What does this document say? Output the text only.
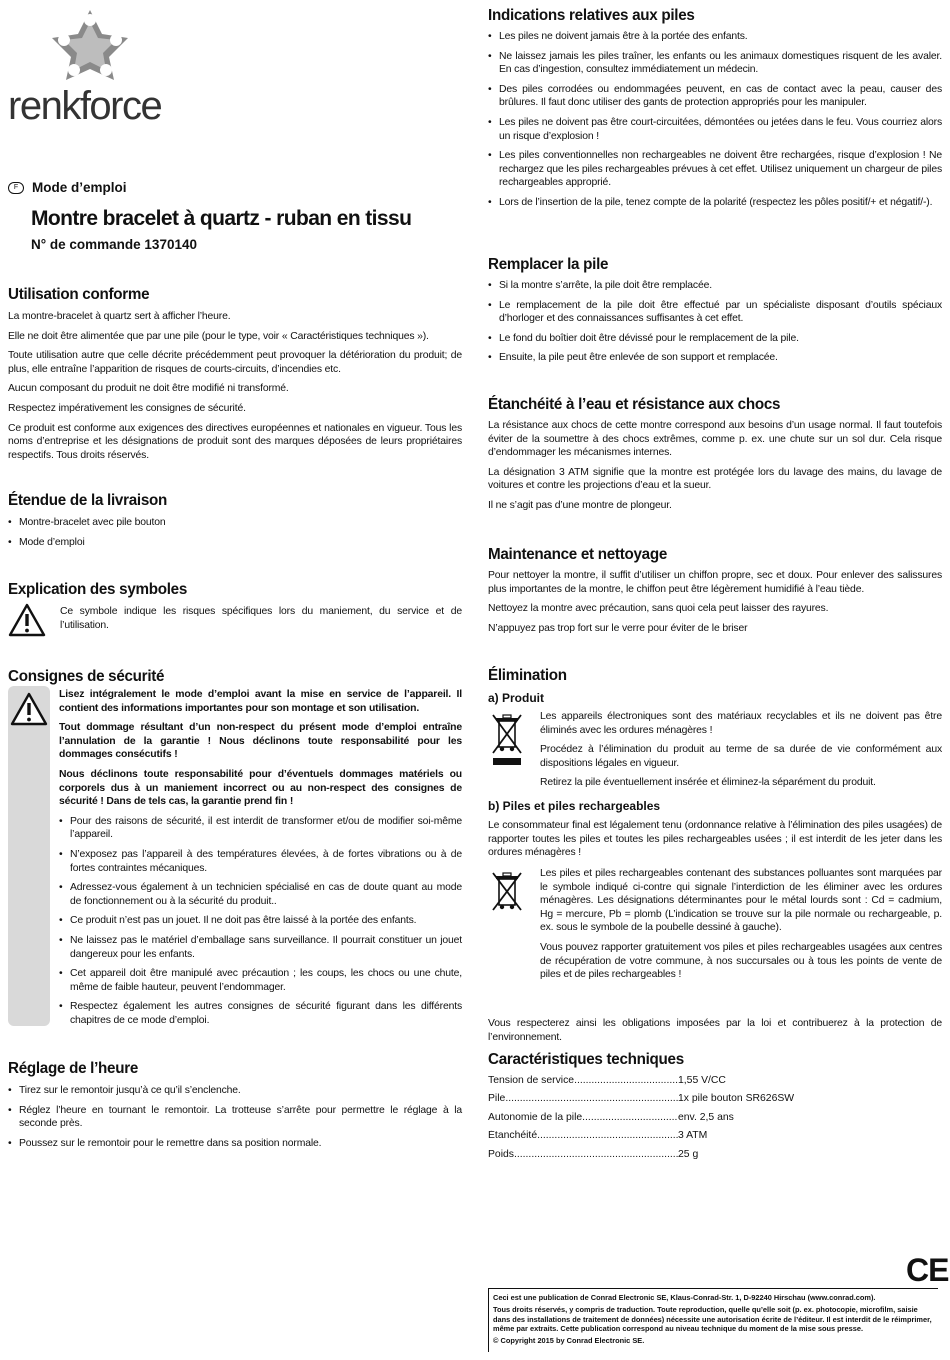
renkforce
F	Mode d’emploi
Montre bracelet à quartz - ruban en tissu
N° de commande 1370140
Utilisation conforme

La montre-bracelet à quartz sert à afficher l’heure.

Elle ne doit être alimentée que par une pile (pour le type, voir « Caractéristiques techniques »).

Toute utilisation autre que celle décrite précédemment peut provoquer la détérioration du produit; de plus, elle entraîne l’apparition de risques de courts-circuits, d’incendies etc.

Aucun composant du produit ne doit être modifié ni transformé.

Respectez impérativement les consignes de sécurité.

Ce produit est conforme aux exigences des directives européennes et nationales en vigueur. Tous les noms d’entreprise et les désignations de produit sont des marques déposées de leurs propriétaires respectifs. Tous droits réservés.

Étendue de la livraison
• Montre-bracelet avec pile bouton
• Mode d’emploi
Explication des symboles

Ce symbole indique les risques spécifiques lors du maniement, du service et de l’utilisation.

Consignes de sécurité

Lisez intégralement le mode d’emploi avant la mise en service de l’appareil. Il contient des informations importantes pour son montage et son utilisation.

Tout dommage résultant d’un non-respect du présent mode d’emploi entraîne l’annulation de la garantie ! Nous déclinons toute responsabilité pour les dommages consécutifs !

Nous déclinons toute responsabilité pour d’éventuels dommages matériels ou corporels dus à un maniement incorrect ou au non-respect des consignes de sécurité ! Dans de tels cas, la garantie prend fin !

• Pour des raisons de sécurité, il est interdit de transformer et/ou de modifier soi-même l’appareil.
• N’exposez pas l’appareil à des températures élevées, à de fortes vibrations ou à de fortes contraintes mécaniques.
• Adressez-vous également à un technicien spécialisé en cas de doute quant au mode de fonctionnement ou à la sécurité du produit..
• Ce produit n’est pas un jouet. Il ne doit pas être laissé à la portée des enfants.
• Ne laissez pas le matériel d’emballage sans surveillance. Il pourrait constituer un jouet dangereux pour les enfants.
• Cet appareil doit être manipulé avec précaution ; les coups, les chocs ou une chute, même de faible hauteur, peuvent l’endommager.
• Respectez également les autres consignes de sécurité figurant dans les différents chapitres de ce mode d’emploi.
Réglage de l’heure
• Tirez sur le remontoir jusqu’à ce qu’il s’enclenche.
• Réglez l’heure en tournant le remontoir. La trotteuse s’arrête pour permettre le réglage à la seconde près.
• Poussez sur le remontoir pour le remettre dans sa position normale.
Indications relatives aux piles
• Les piles ne doivent jamais être à la portée des enfants.
• Ne laissez jamais les piles traîner, les enfants ou les animaux domestiques risquent de les avaler. En cas d’ingestion, consultez immédiatement un médecin.
• Des piles corrodées ou endommagées peuvent, en cas de contact avec la peau, causer des brûlures. Il faut donc utiliser des gants de protection appropriés pour les manipuler.
• Les piles ne doivent pas être court-circuitées, démontées ou jetées dans le feu. Vous courriez alors un risque d’explosion !
• Les piles conventionnelles non rechargeables ne doivent être rechargées, risque d’explosion ! Ne rechargez que les piles rechargeables prévues à cet effet. Utilisez uniquement un chargeur de piles rechargeables approprié.
• Lors de l’insertion de la pile, tenez compte de la polarité (respectez les pôles positif/+ et négatif/-).
Remplacer la pile
• Si la montre s’arrête, la pile doit être remplacée.
• Le remplacement de la pile doit être effectué par un spécialiste disposant d’outils spéciaux d’horloger et des connaissances suffisantes à cet effet.
• Le fond du boîtier doit être dévissé pour le remplacement de la pile.
• Ensuite, la pile peut être enlevée de son support et remplacée.
Étanchéité à l’eau et résistance aux chocs

La résistance aux chocs de cette montre correspond aux besoins d’un usage normal. Il faut toutefois éviter de la soumettre à des chocs extrêmes, comme p. ex. une chute sur un sol dur. Cela risque d’endommager les mécanismes internes.

La désignation 3 ATM signifie que la montre est protégée lors du lavage des mains, du lavage de voitures et contre les projections d’eau et la sueur.

Il ne s’agit pas d’une montre de plongeur.

Maintenance et nettoyage

Pour nettoyer la montre, il suffit d’utiliser un chiffon propre, sec et doux. Pour enlever des salissures plus importantes de la montre, le chiffon peut être légèrement humidifié à l’eau tiède.

Nettoyez la montre avec précaution, sans quoi cela peut laisser des rayures.

N’appuyez pas trop fort sur le verre pour éviter de le briser

Élimination
a) Produit

Les appareils électroniques sont des matériaux recyclables et ils ne doivent pas être éliminés avec les ordures ménagères !

Procédez à l’élimination du produit au terme de sa durée de vie conformément aux dispositions légales en vigueur.

Retirez la pile éventuellement insérée et éliminez-la séparément du produit.

b) Piles et piles rechargeables

Le consommateur final est légalement tenu (ordonnance relative à l’élimination des piles usagées) de rapporter toutes les piles et toutes les piles rechargeables usées ; il est interdit de les jeter dans les ordures ménagères !

Les piles et piles rechargeables contenant des substances polluantes sont marquées par le symbole indiqué ci-contre qui signale l’interdiction de les éliminer avec les ordures ménagères. Les désignations déterminantes pour le métal lourds sont : Cd = cadmium, Hg = mercure, Pb = plomb (L’indication se trouve sur la pile normale ou rechargeable, p. ex. sous le symbole de la poubelle dessiné à gauche).

Vous pouvez rapporter gratuitement vos piles et piles rechargeables usagées aux centres de récupération de votre commune, à nos succursales ou à tous les points de vente de piles et de piles rechargeables !

Vous respecterez ainsi les obligations imposées par la loi et contribuerez à la protection de l’environnement.

Caractéristiques techniques
Tension de service .....	1,55 V/CC
Pile .....	1x pile bouton SR626SW
Autonomie de la pile .....	env. 2,5 ans
Étanchéité .....	3 ATM
Poids .....	25 g
CE

Ceci est une publication de Conrad Electronic SE, Klaus-Conrad-Str. 1, D-92240 Hirschau (www.conrad.com).

Tous droits réservés, y compris de traduction. Toute reproduction, quelle qu’elle soit (p. ex. photocopie, microfilm, saisie dans des installations de traitement de données) nécessite une autorisation écrite de l’éditeur. Il est interdit de le réimprimer, même par extraits. Cette publication correspond au niveau technique du moment de la mise sous presse.

© Copyright 2015 by Conrad Electronic SE.
